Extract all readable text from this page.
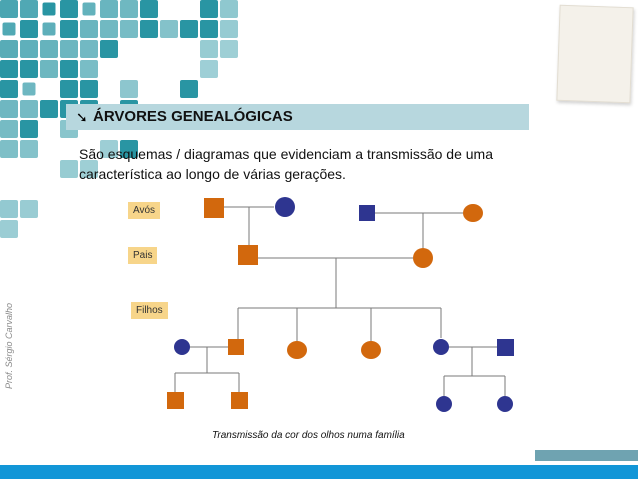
➘ ÁRVORES GENEALÓGICAS
São esquemas / diagramas que evidenciam a transmissão de uma característica ao longo de várias gerações.
Prof. Sérgio Carvalho
Avós
Pais
Filhos
Transmissão da cor dos olhos numa família
